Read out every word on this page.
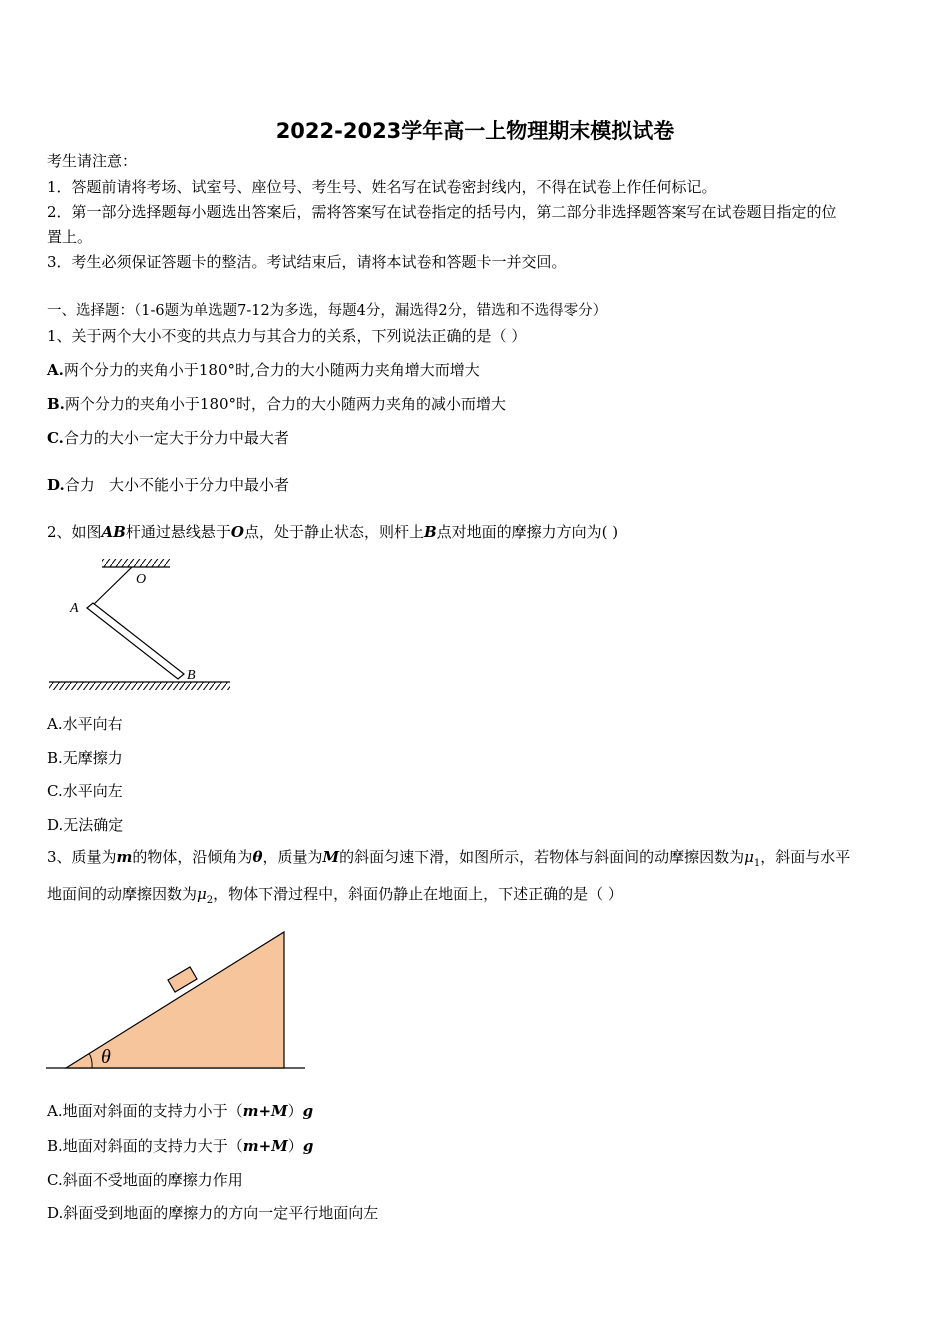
2022-2023学年高一上物理期末模拟试卷
考生请注意：
1．答题前请将考场、试室号、座位号、考生号、姓名写在试卷密封线内，不得在试卷上作任何标记。
2．第一部分选择题每小题选出答案后，需将答案写在试卷指定的括号内，第二部分非选择题答案写在试卷题目指定的位
置上。
3．考生必须保证答题卡的整洁。考试结束后，请将本试卷和答题卡一并交回。
一、选择题：（1-6题为单选题7-12为多选，每题4分，漏选得2分，错选和不选得零分）
1、关于两个大小不变的共点力与其合力的关系，下列说法正确的是（ ）
A.两个分力的夹角小于180°时,合力的大小随两力夹角增大而增大
B.两个分力的夹角小于180°时，合力的大小随两力夹角的减小而增大
C.合力的大小一定大于分力中最大者
D.合力   大小不能小于分力中最小者
2、如图AB杆通过悬线悬于O点，处于静止状态，则杆上B点对地面的摩擦力方向为( )
O
A
B
A.水平向右
B.无摩擦力
C.水平向左
D.无法确定
3、质量为m的物体，沿倾角为θ，质量为M的斜面匀速下滑，如图所示，若物体与斜面间的动摩擦因数为$\mu_1$，斜面与水平
地面间的动摩擦因数为$\mu_2$，物体下滑过程中，斜面仍静止在地面上，下述正确的是（ ）
θ
A.地面对斜面的支持力小于（m+M）g
B.地面对斜面的支持力大于（m+M）g
C.斜面不受地面的摩擦力作用
D.斜面受到地面的摩擦力的方向一定平行地面向左
